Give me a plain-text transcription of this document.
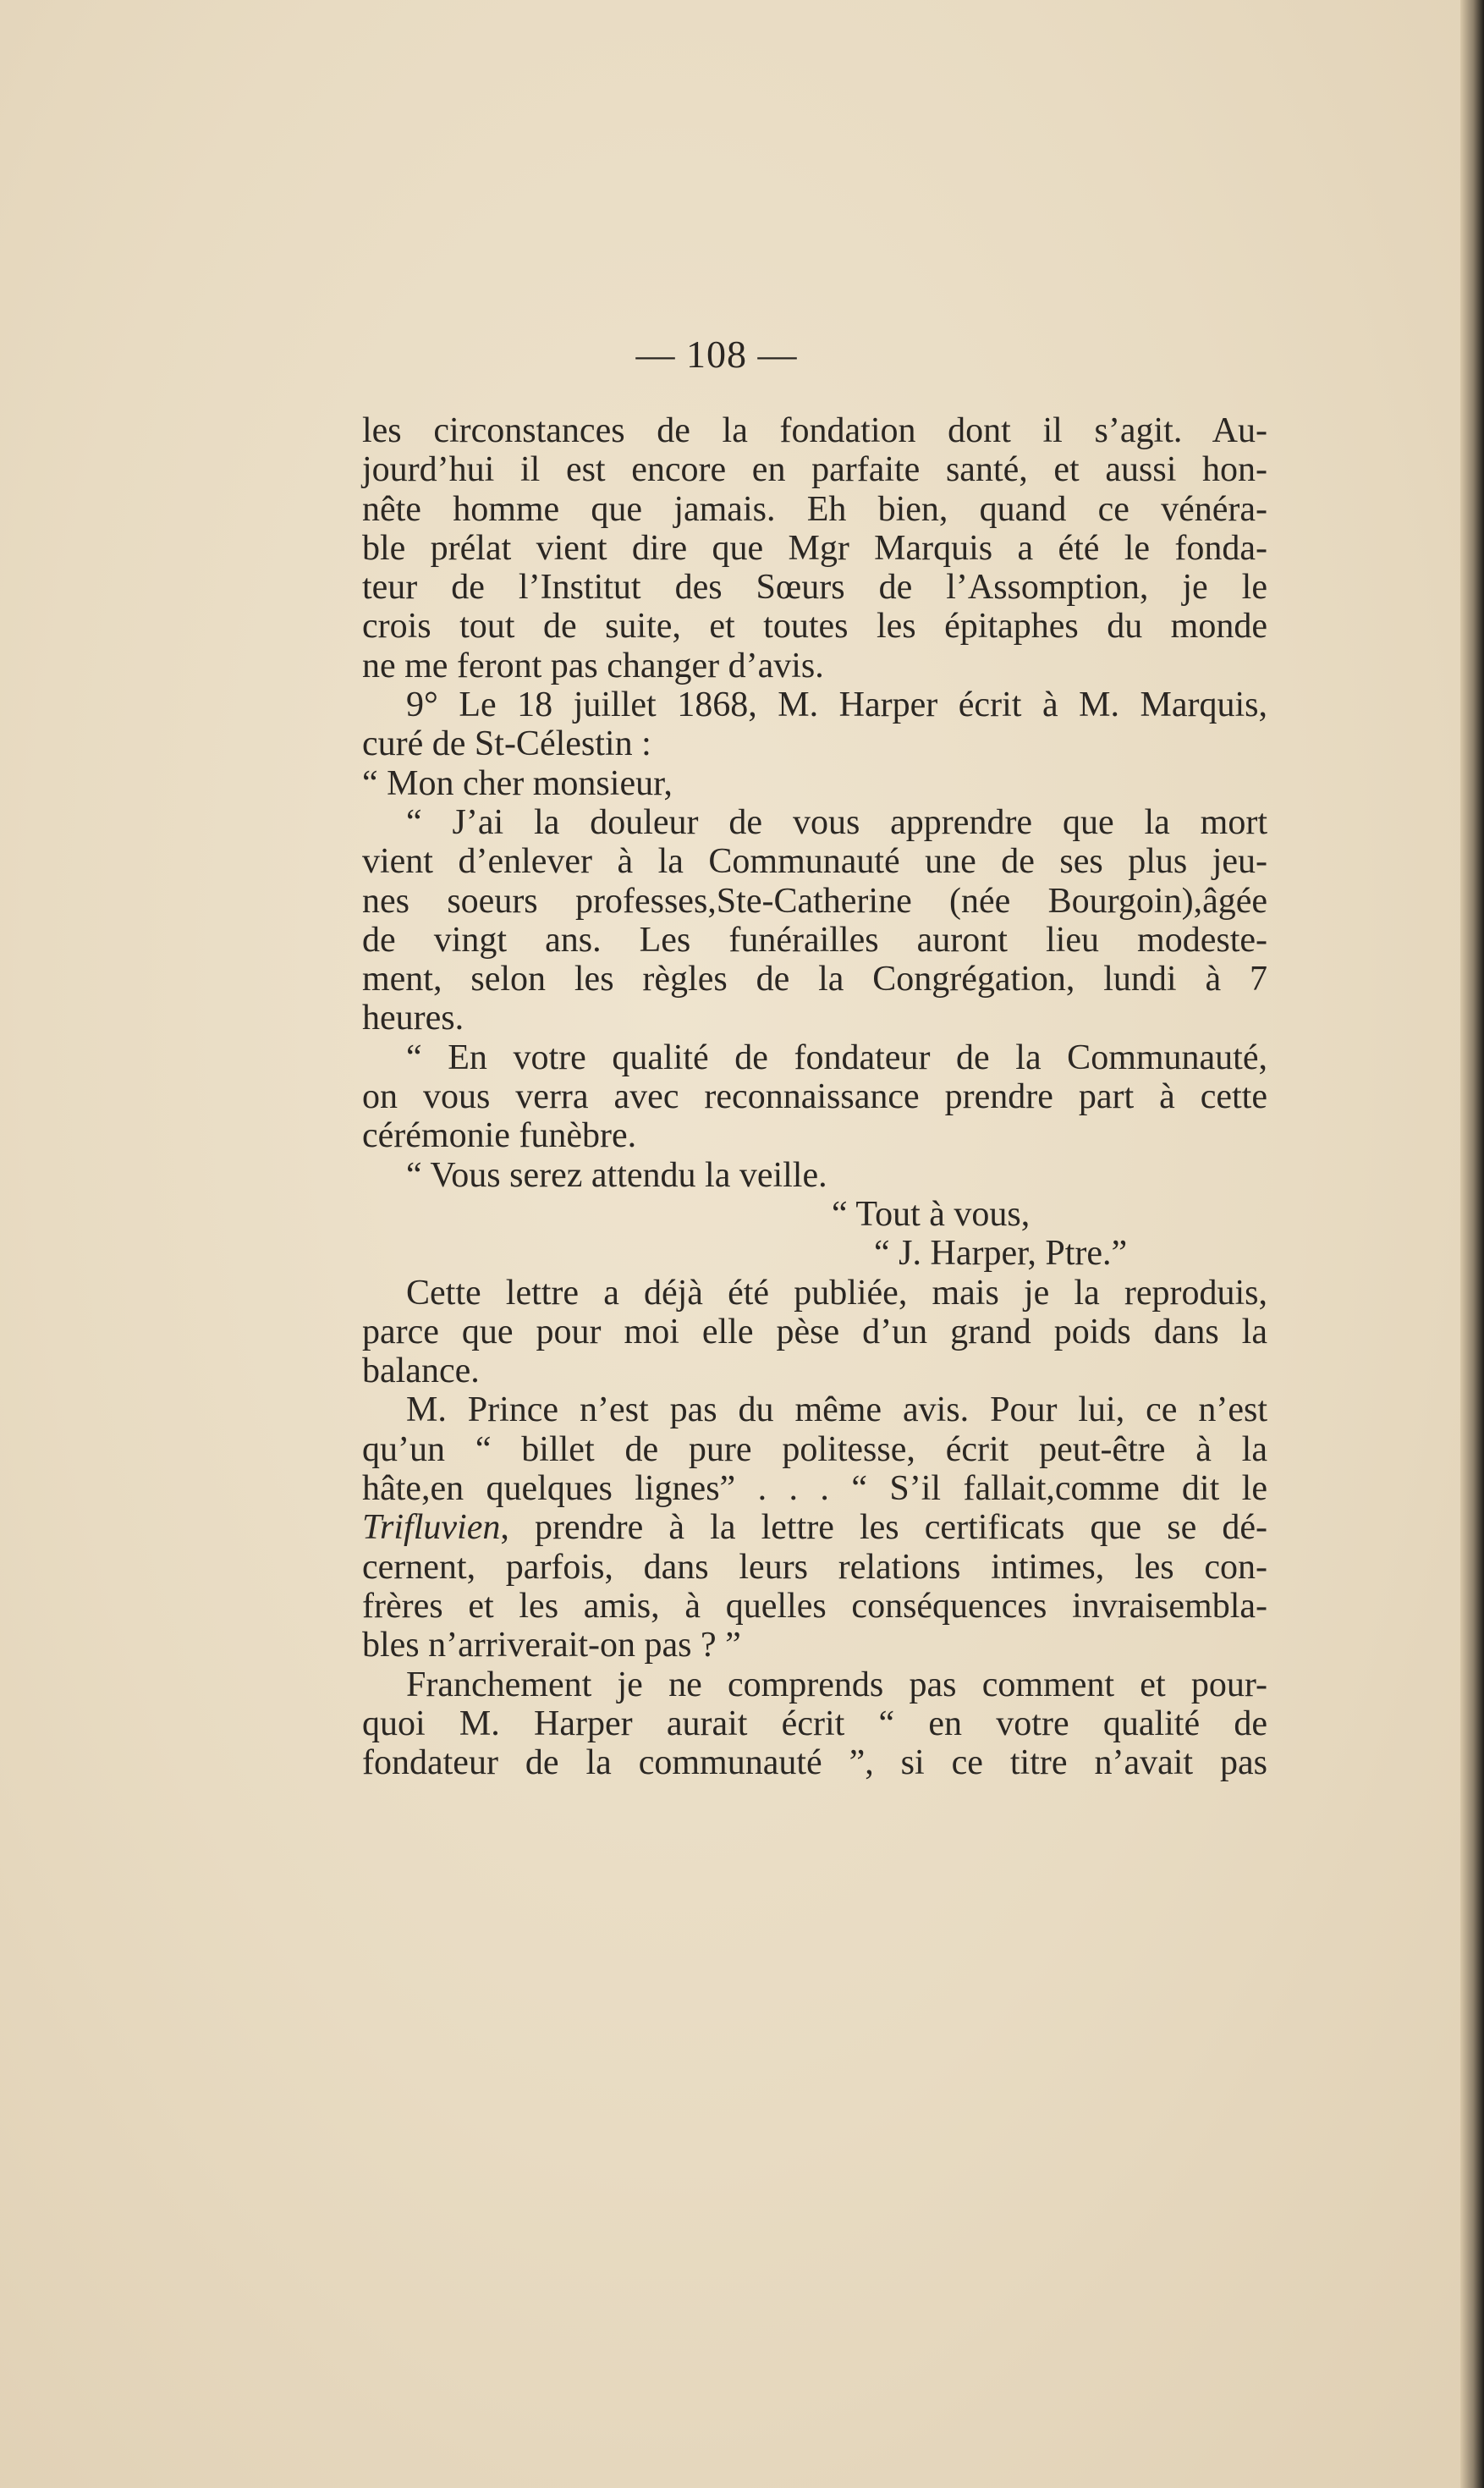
— 108 —
les circonstances de la fondation dont il s’agit. Au-
jourd’hui il est encore en parfaite santé, et aussi hon-
nête homme que jamais. Eh bien, quand ce vénéra-
ble prélat vient dire que Mgr Marquis a été le fonda-
teur de l’Institut des Sœurs de l’Assomption, je le
crois tout de suite, et toutes les épitaphes du monde
ne me feront pas changer d’avis.
9° Le 18 juillet 1868, M. Harper écrit à M. Marquis,
curé de St-Célestin :
“ Mon cher monsieur,
“ J’ai la douleur de vous apprendre que la mort
vient d’enlever à la Communauté une de ses plus jeu-
nes soeurs professes,Ste-Catherine (née Bourgoin),âgée
de vingt ans. Les funérailles auront lieu modeste-
ment, selon les règles de la Congrégation, lundi à 7
heures.
“ En votre qualité de fondateur de la Communauté,
on vous verra avec reconnaissance prendre part à cette
cérémonie funèbre.
“ Vous serez attendu la veille.
“ Tout à vous,
“ J. Harper, Ptre.”
Cette lettre a déjà été publiée, mais je la reproduis,
parce que pour moi elle pèse d’un grand poids dans la
balance.
M. Prince n’est pas du même avis. Pour lui, ce n’est
qu’un “ billet de pure politesse, écrit peut-être à la
hâte,en quelques lignes” . . . “ S’il fallait,comme dit le
Trifluvien, prendre à la lettre les certificats que se dé-
cernent, parfois, dans leurs relations intimes, les con-
frères et les amis, à quelles conséquences invraisembla-
bles n’arriverait-on pas ? ”
Franchement je ne comprends pas comment et pour-
quoi M. Harper aurait écrit “ en votre qualité de
fondateur de la communauté ”, si ce titre n’avait pas
